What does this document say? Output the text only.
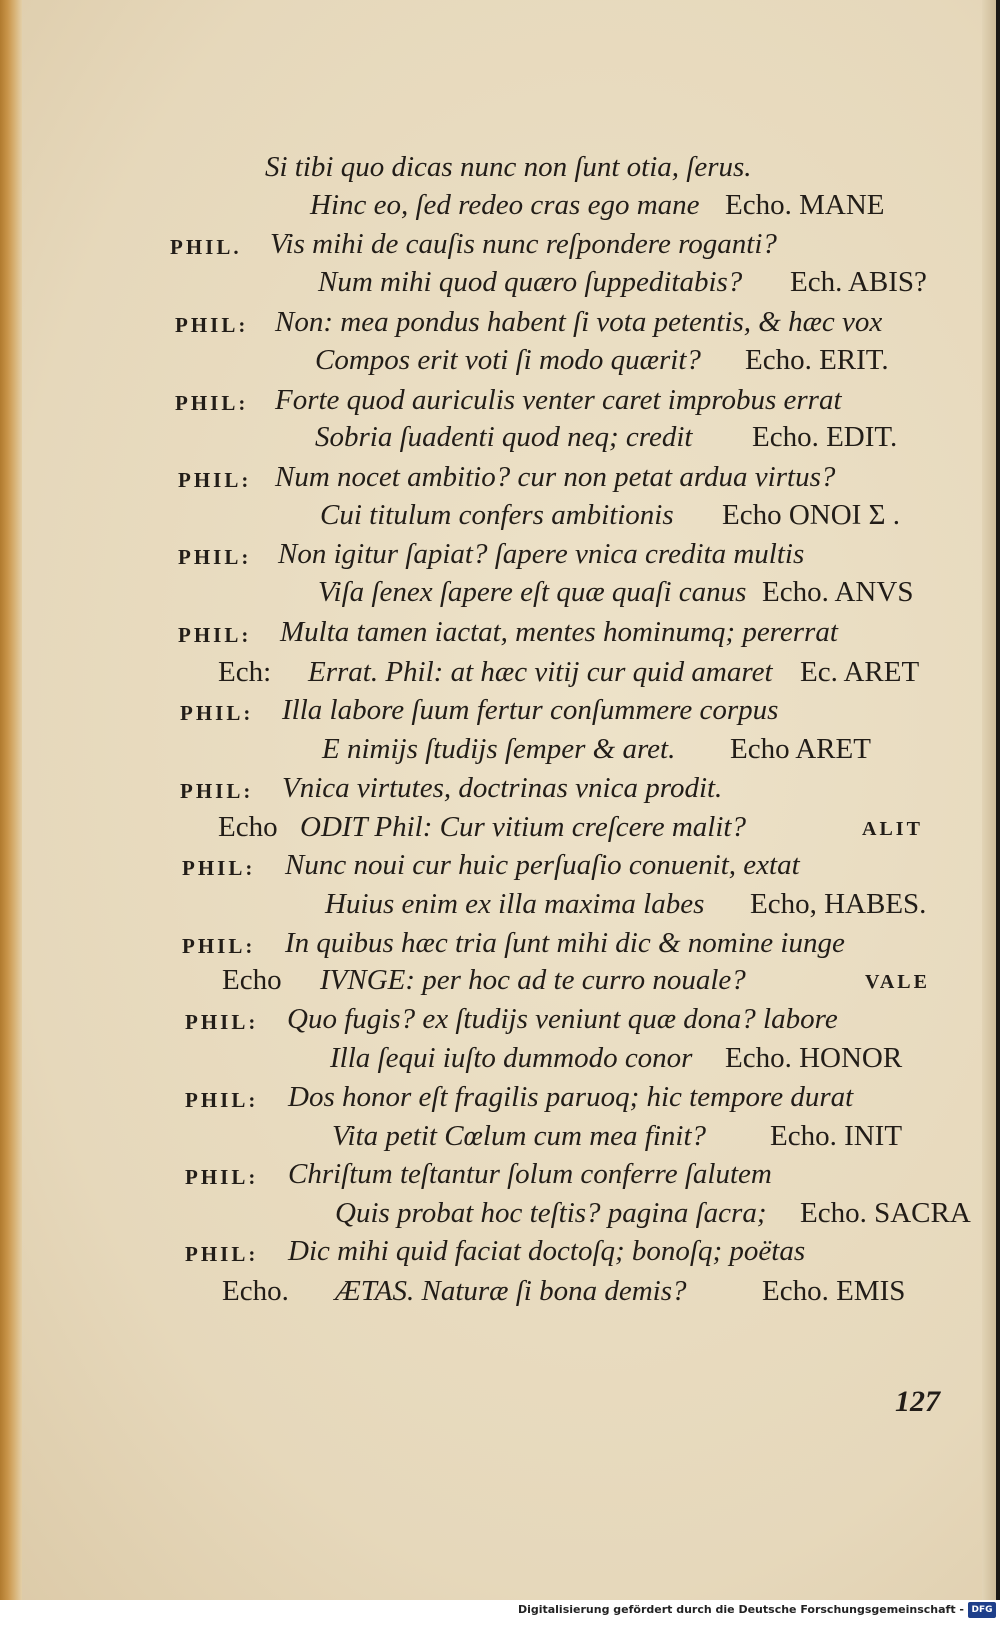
Si tibi quo dicas nunc non ſunt otia, ſerus.
Hinc eo, ſed redeo cras ego mane Echo. MANE
PHIL. Vis mihi de cauſis nunc reſpondere roganti?
Num mihi quod quæro ſuppeditabis? Ech. ABIS?
PHIL: Non: mea pondus habent ſi vota petentis, & hæc vox
Compos erit voti ſi modo quærit? Echo. ERIT.
PHIL: Forte quod auriculis venter caret improbus errat
Sobria ſuadenti quod neq; credit Echo. EDIT.
PHIL: Num nocet ambitio? cur non petat ardua virtus?
Cui titulum confers ambitionis Echo ΟΝΟΙ Σ .
PHIL: Non igitur ſapiat? ſapere vnica credita multis
Viſa ſenex ſapere eſt quæ quaſi canus Echo. ANVS
PHIL: Multa tamen iactat, mentes hominumq; pererrat
Ech: Errat. Phil: at hæc vitij cur quid amaret Ec. ARET
PHIL: Illa labore ſuum fertur conſummere corpus
E nimijs ſtudijs ſemper & aret. Echo ARET
PHIL: Vnica virtutes, doctrinas vnica prodit.
Echo ODIT Phil: Cur vitium creſcere malit?	ALIT
PHIL: Nunc noui cur huic perſuaſio conuenit, extat
Huius enim ex illa maxima labes Echo, HABES.
PHIL: In quibus hæc tria ſunt mihi dic & nomine iunge
Echo IVNGE: per hoc ad te curro nouale?	VALE
PHIL: Quo fugis? ex ſtudijs veniunt quæ dona? labore
Illa ſequi iuſto dummodo conor Echo. HONOR
PHIL: Dos honor eſt fragilis paruoq; hic tempore durat
Vita petit Cœlum cum mea finit? Echo. INIT
PHIL: Chriſtum teſtantur ſolum conferre ſalutem
Quis probat hoc teſtis? pagina ſacra; Echo. SACRA
PHIL: Dic mihi quid faciat doctoſq; bonoſq; poëtas
Echo. ÆTAS. Naturæ ſi bona demis?	Echo. EMIS
127
Digitalisierung gefördert durch die Deutsche Forschungsgemeinschaft - DFG
